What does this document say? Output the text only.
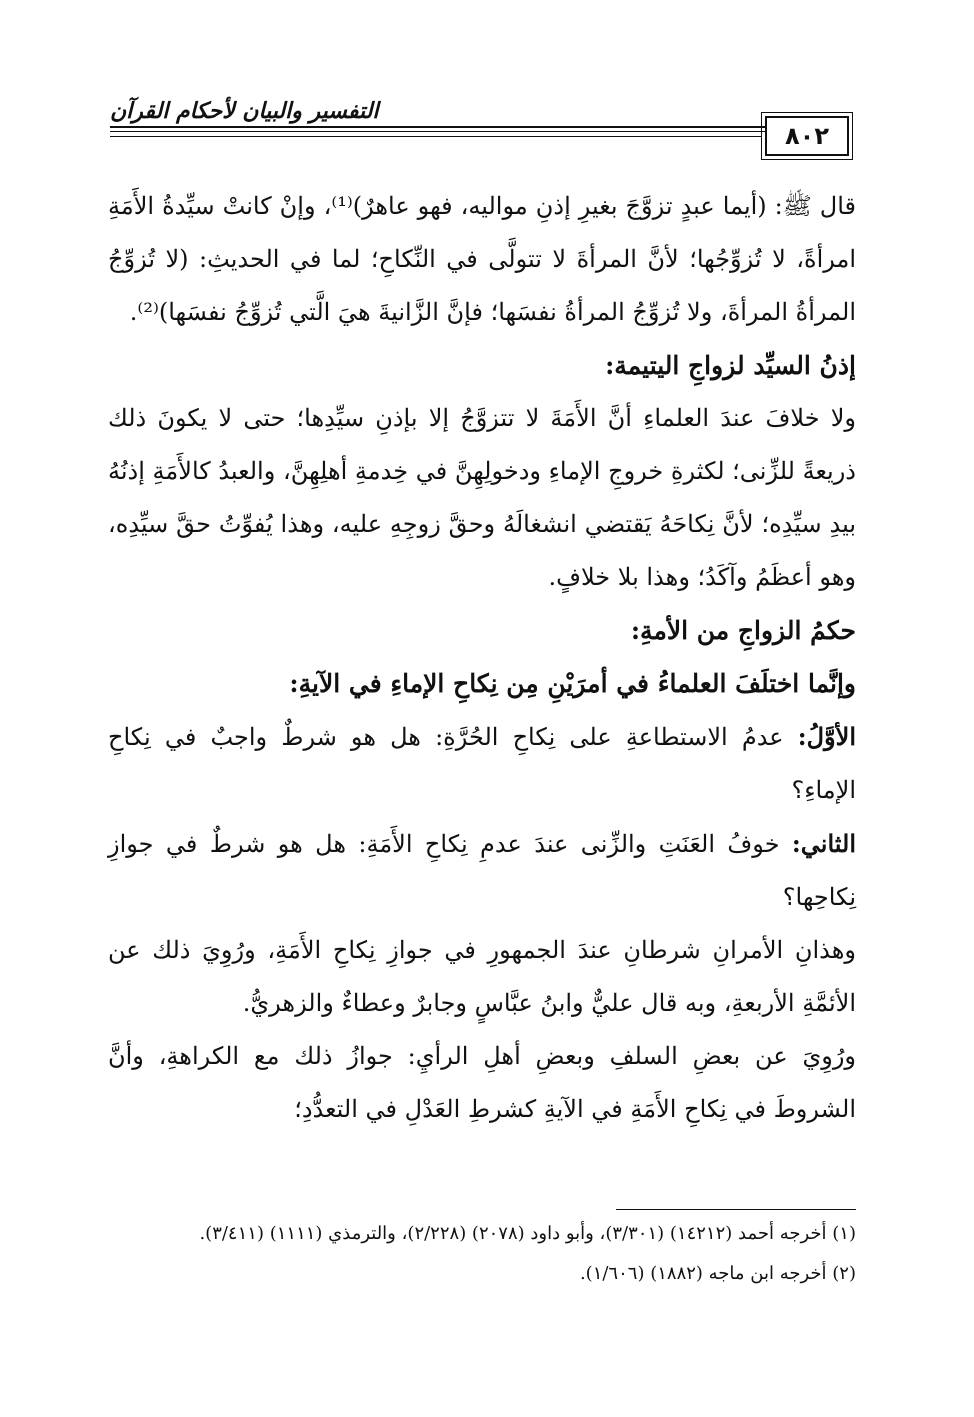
التفسير والبيان لأحكام القرآن
٨٠٢

قال ﷺ: (أيما عبدٍ تزوَّجَ بغيرِ إذنِ مواليه، فهو عاهرٌ)⁽¹⁾، وإنْ كانتْ سيِّدةُ الأَمَةِ امرأةً، لا تُزوِّجُها؛ لأنَّ المرأةَ لا تتولَّى في النِّكاحِ؛ لما في الحديثِ: (لا تُزوِّجُ المرأةُ المرأةَ، ولا تُزوِّجُ المرأةُ نفسَها؛ فإنَّ الزَّانيةَ هيَ الَّتي تُزوِّجُ نفسَها)⁽²⁾.

إذنُ السيِّد لزواجِ اليتيمة:

ولا خلافَ عندَ العلماءِ أنَّ الأَمَةَ لا تتزوَّجُ إلا بإذنِ سيِّدِها؛ حتى لا يكونَ ذلك ذريعةً للزِّنى؛ لكثرةِ خروجِ الإماءِ ودخولِهِنَّ في خِدمةِ أهلِهِنَّ، والعبدُ كالأَمَةِ إذنُهُ بيدِ سيِّدِه؛ لأنَّ نِكاحَهُ يَقتضي انشغالَهُ وحقَّ زوجِهِ عليه، وهذا يُفوِّتُ حقَّ سيِّدِه، وهو أعظَمُ وآكَدُ؛ وهذا بلا خلافٍ.

حكمُ الزواجِ من الأمةِ:

وإنَّما اختلَفَ العلماءُ في أمرَيْنِ مِن نِكاحِ الإماءِ في الآيةِ:

الأوَّلُ: عدمُ الاستطاعةِ على نِكاحِ الحُرَّةِ: هل هو شرطٌ واجبٌ في نِكاحِ الإماءِ؟

الثاني: خوفُ العَنَتِ والزِّنى عندَ عدمِ نِكاحِ الأَمَةِ: هل هو شرطٌ في جوازِ نِكاحِها؟

وهذانِ الأمرانِ شرطانِ عندَ الجمهورِ في جوازِ نِكاحِ الأَمَةِ، ورُوِيَ ذلك عن الأئمَّةِ الأربعةِ، وبه قال عليٌّ وابنُ عبَّاسٍ وجابرٌ وعطاءٌ والزهريُّ.

ورُوِيَ عن بعضِ السلفِ وبعضِ أهلِ الرأيِ: جوازُ ذلك مع الكراهةِ، وأنَّ الشروطَ في نِكاحِ الأَمَةِ في الآيةِ كشرطِ العَدْلِ في التعدُّدِ؛

(١) أخرجه أحمد (١٤٢١٢) (٣/٣٠١)، وأبو داود (٢٠٧٨) (٢/٢٢٨)، والترمذي (١١١١) (٣/٤١١).

(٢) أخرجه ابن ماجه (١٨٨٢) (١/٦٠٦).
